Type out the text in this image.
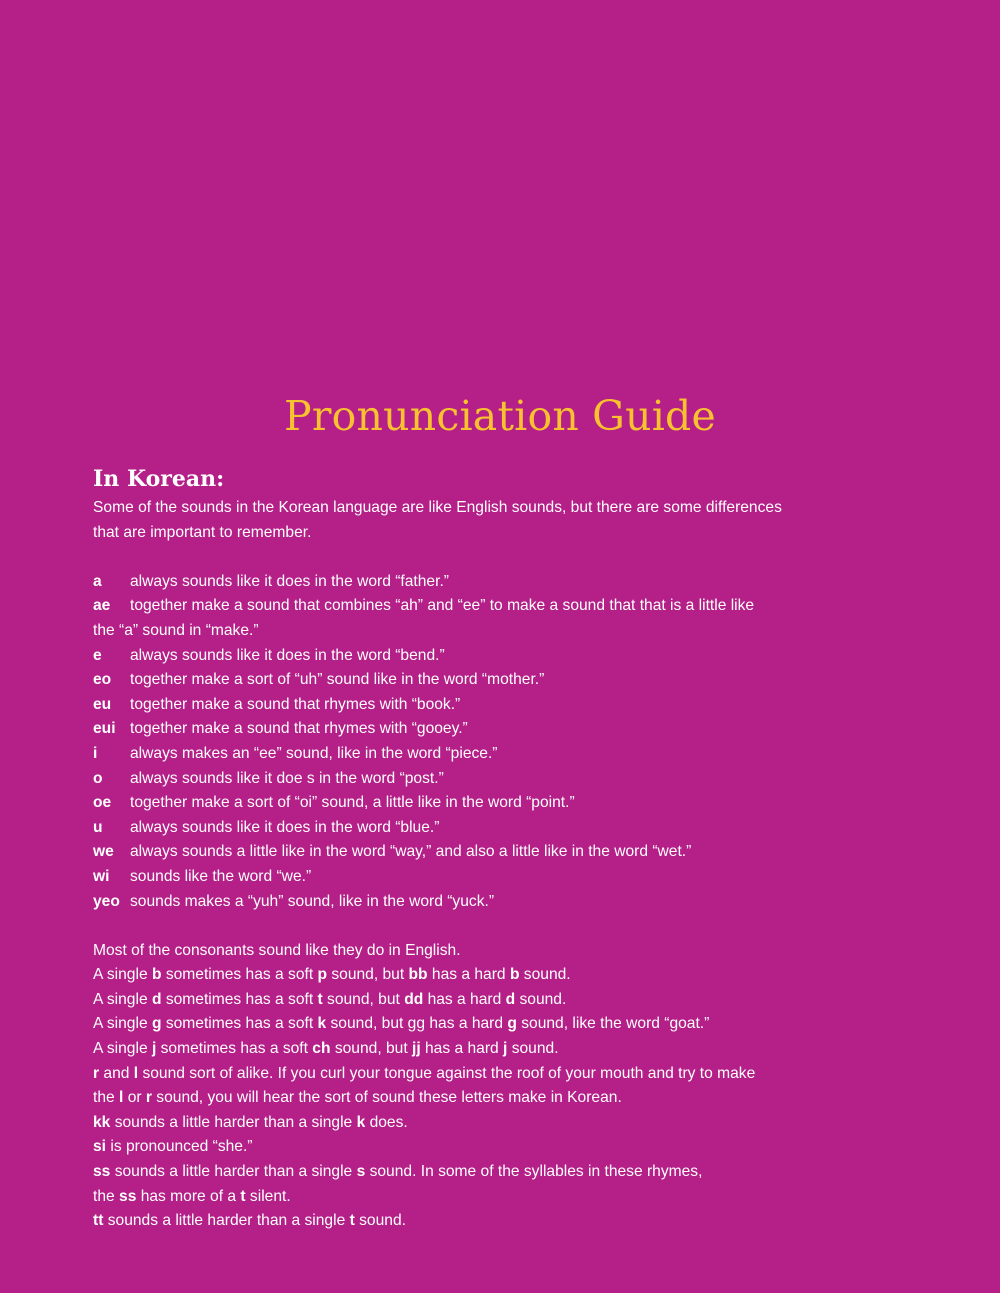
Pronunciation Guide
In Korean:

Some of the sounds in the Korean language are like English sounds, but there are some differences

that are important to remember.

a always sounds like it does in the word “father.”

ae together make a sound that combines “ah” and “ee” to make a sound that that is a little like

the “a” sound in “make.”

e always sounds like it does in the word “bend.”

eo together make a sort of “uh” sound like in the word “mother.”

eu together make a sound that rhymes with “book.”

eui together make a sound that rhymes with “gooey.”

i always makes an “ee” sound, like in the word “piece.”

o always sounds like it doe s in the word “post.”

oe together make a sort of “oi” sound, a little like in the word “point.”

u always sounds like it does in the word “blue.”

we always sounds a little like in the word “way,” and also a little like in the word “wet.”

wi sounds like the word “we.”

yeo sounds makes a “yuh” sound, like in the word “yuck.”

Most of the consonants sound like they do in English.

A single b sometimes has a soft p sound, but bb has a hard b sound.

A single d sometimes has a soft t sound, but dd has a hard d sound.

A single g sometimes has a soft k sound, but gg has a hard g sound, like the word “goat.”

A single j sometimes has a soft ch sound, but jj has a hard j sound.

r and l sound sort of alike. If you curl your tongue against the roof of your mouth and try to make

the l or r sound, you will hear the sort of sound these letters make in Korean.

kk sounds a little harder than a single k does.

si is pronounced “she.”

ss sounds a little harder than a single s sound. In some of the syllables in these rhymes,

the ss has more of a t silent.

tt sounds a little harder than a single t sound.
